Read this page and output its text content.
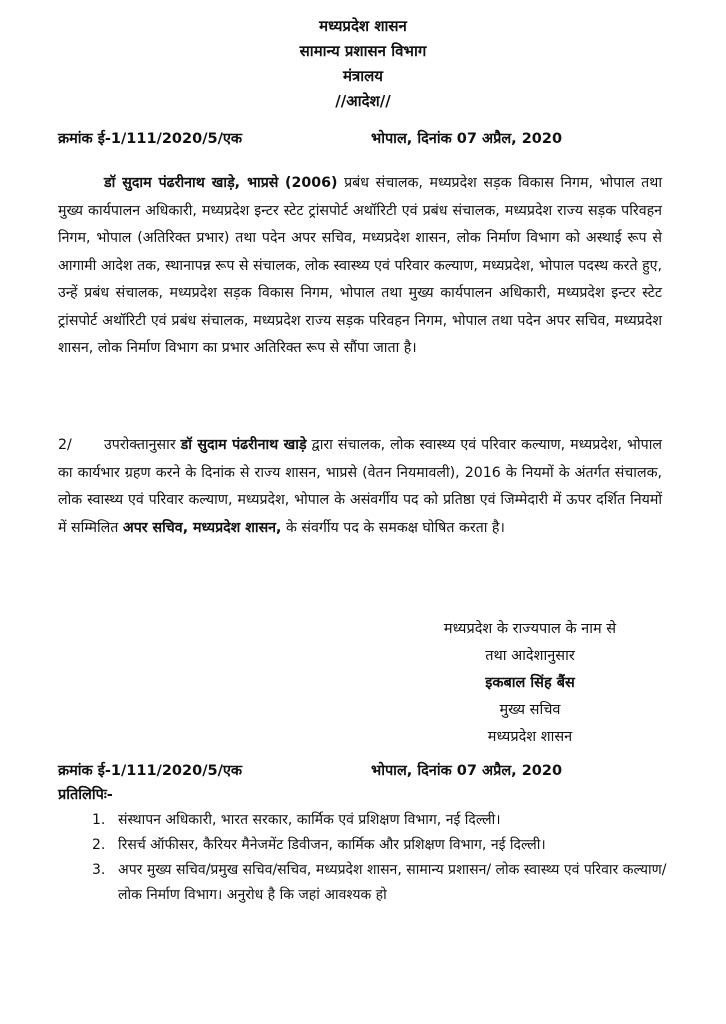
मध्यप्रदेश शासन
सामान्य प्रशासन विभाग
मंत्रालय
//आदेश//
क्रमांक ई-1/111/2020/5/एक	भोपाल, दिनांक 07 अप्रैल, 2020

डॉ सुदाम पंढरीनाथ खाड़े, भाप्रसे (2006) प्रबंध संचालक, मध्यप्रदेश सड़क विकास निगम, भोपाल तथा मुख्य कार्यपालन अधिकारी, मध्यप्रदेश इन्टर स्टेट ट्रांसपोर्ट अथॉरिटी एवं प्रबंध संचालक, मध्यप्रदेश राज्य सड़क परिवहन निगम, भोपाल (अतिरिक्त प्रभार) तथा पदेन अपर सचिव, मध्यप्रदेश शासन, लोक निर्माण विभाग को अस्थाई रूप से आगामी आदेश तक, स्थानापन्न रूप से संचालक, लोक स्वास्थ्य एवं परिवार कल्याण, मध्यप्रदेश, भोपाल पदस्थ करते हुए, उन्हें प्रबंध संचालक, मध्यप्रदेश सड़क विकास निगम, भोपाल तथा मुख्य कार्यपालन अधिकारी, मध्यप्रदेश इन्टर स्टेट ट्रांसपोर्ट अथॉरिटी एवं प्रबंध संचालक, मध्यप्रदेश राज्य सड़क परिवहन निगम, भोपाल तथा पदेन अपर सचिव, मध्यप्रदेश शासन, लोक निर्माण विभाग का प्रभार अतिरिक्त रूप से सौंपा जाता है।

2/ उपरोक्तानुसार डॉ सुदाम पंढरीनाथ खाड़े द्वारा संचालक, लोक स्वास्थ्य एवं परिवार कल्याण, मध्यप्रदेश, भोपाल का कार्यभार ग्रहण करने के दिनांक से राज्य शासन, भाप्रसे (वेतन नियमावली), 2016 के नियमों के अंतर्गत संचालक, लोक स्वास्थ्य एवं परिवार कल्याण, मध्यप्रदेश, भोपाल के असंवर्गीय पद को प्रतिष्ठा एवं जिम्मेदारी में ऊपर दर्शित नियमों में सम्मिलित अपर सचिव, मध्यप्रदेश शासन, के संवर्गीय पद के समकक्ष घोषित करता है।

मध्यप्रदेश के राज्यपाल के नाम से
तथा आदेशानुसार
इकबाल सिंह बैंस
मुख्य सचिव
मध्यप्रदेश शासन
क्रमांक ई-1/111/2020/5/एक	भोपाल, दिनांक 07 अप्रैल, 2020
प्रतिलिपिः-
1. संस्थापन अधिकारी, भारत सरकार, कार्मिक एवं प्रशिक्षण विभाग, नई दिल्ली।
2. रिसर्च ऑफीसर, कैरियर मैनेजमेंट डिवीजन, कार्मिक और प्रशिक्षण विभाग, नई दिल्ली।
3. अपर मुख्य सचिव/प्रमुख सचिव/सचिव, मध्यप्रदेश शासन, सामान्य प्रशासन/ लोक स्वास्थ्य एवं परिवार कल्याण/लोक निर्माण विभाग। अनुरोध है कि जहां आवश्यक हो
